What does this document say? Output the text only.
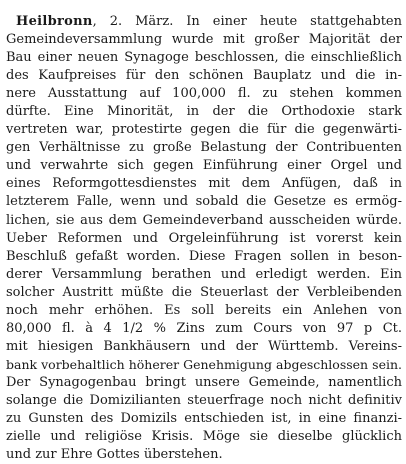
Heilbronn, 2. März. In einer heute stattgehabten
Gemeindeversammlung wurde mit großer Majorität der
Bau einer neuen Synagoge beschlossen, die einschließlich
des Kaufpreises für den schönen Bauplatz und die in-
nere Ausstattung auf 100,000 fl. zu stehen kommen
dürfte. Eine Minorität, in der die Orthodoxie stark
vertreten war, protestirte gegen die für die gegenwärti-
gen Verhältnisse zu große Belastung der Contribuenten
und verwahrte sich gegen Einführung einer Orgel und
eines Reformgottesdienstes mit dem Anfügen, daß in
letzterem Falle, wenn und sobald die Gesetze es ermög-
lichen, sie aus dem Gemeindeverband ausscheiden würde.
Ueber Reformen und Orgeleinführung ist vorerst kein
Beschluß gefaßt worden. Diese Fragen sollen in beson-
derer Versammlung berathen und erledigt werden. Ein
solcher Austritt müßte die Steuerlast der Verbleibenden
noch mehr erhöhen. Es soll bereits ein Anlehen von
80,000 fl. à 4 1/2 % Zins zum Cours von 97 p Ct.
mit hiesigen Bankhäusern und der Württemb. Vereins-
bank vorbehaltlich höherer Genehmigung abgeschlossen sein.
Der Synagogenbau bringt unsere Gemeinde, namentlich
solange die Domizilianten steuerfrage noch nicht definitiv
zu Gunsten des Domizils entschieden ist, in eine finanzi-
zielle und religiöse Krisis. Möge sie dieselbe glücklich
und zur Ehre Gottes überstehen.
